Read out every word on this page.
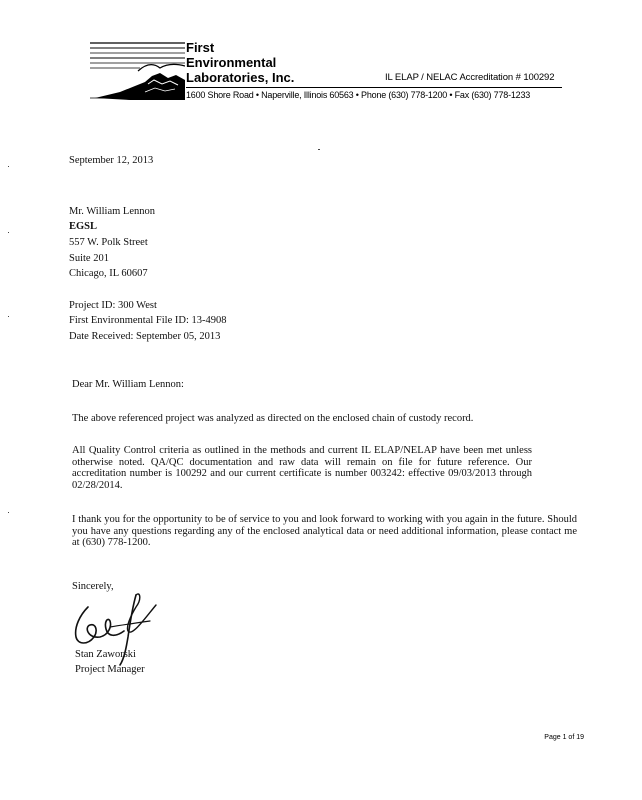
First
Environmental
Laboratories, Inc.	IL ELAP / NELAC Accreditation # 100292
1600 Shore Road • Naperville, Illinois 60563 • Phone (630) 778-1200 • Fax (630) 778-1233
September 12, 2013
Mr. William Lennon
EGSL
557 W. Polk Street
Suite 201
Chicago, IL 60607
Project ID: 300 West
First Environmental File ID: 13-4908
Date Received: September 05, 2013
Dear Mr. William Lennon:
The above referenced project was analyzed as directed on the enclosed chain of custody record.
All Quality Control criteria as outlined in the methods and current IL ELAP/NELAP have been met unless otherwise noted. QA/QC documentation and raw data will remain on file for future reference. Our accreditation number is 100292 and our current certificate is number 003242: effective 09/03/2013 through 02/28/2014.
I thank you for the opportunity to be of service to you and look forward to working with you again in the future. Should you have any questions regarding any of the enclosed analytical data or need additional information, please contact me at (630) 778-1200.
Sincerely,
Stan Zaworski
Project Manager
Page 1 of 19
